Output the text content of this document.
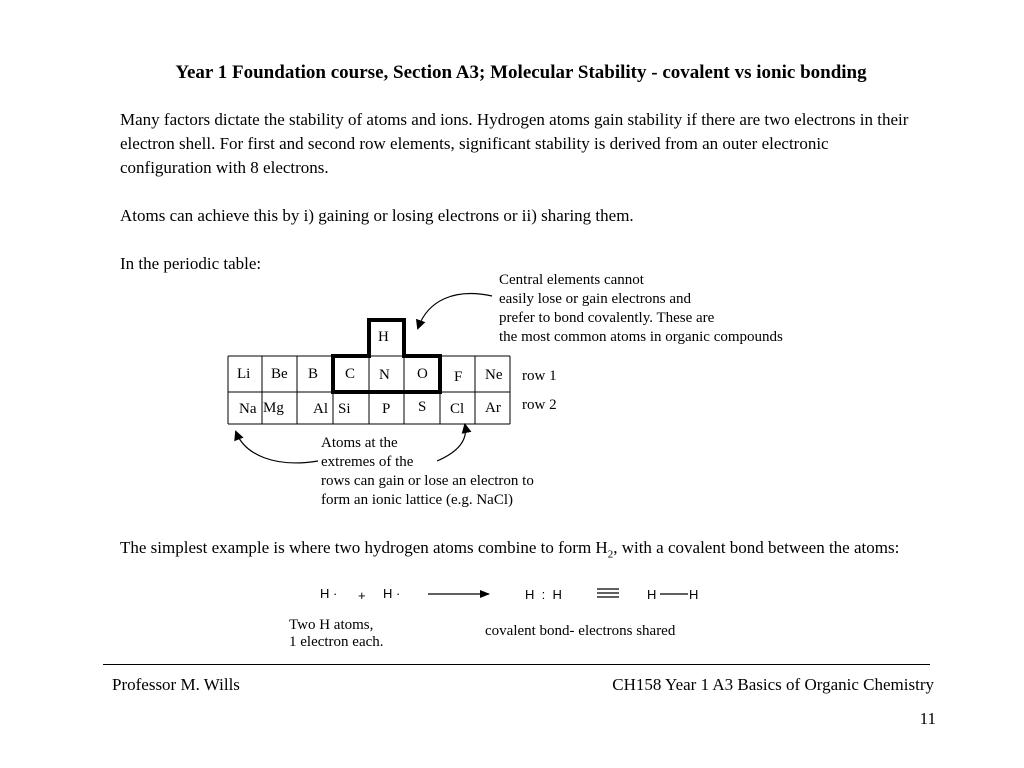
Year 1 Foundation course, Section A3; Molecular Stability - covalent vs ionic bonding
Many factors dictate the stability of atoms and ions. Hydrogen atoms gain stability if there are two electrons in their electron shell. For first and second row elements, significant stability is derived from an outer electronic configuration with 8 electrons.
Atoms can achieve this by i) gaining or losing electrons or ii) sharing them.
In the periodic table:
H
Li Be B C N O F Ne
Na Mg Al Si P S Cl Ar
row 1
row 2
Central elements cannot
easily lose or gain electrons and
prefer to bond covalently. These are
the most common atoms in organic compounds
Atoms at the
extremes of the
rows can gain or lose an electron to
form an ionic lattice (e.g. NaCl)
The simplest example is where two hydrogen atoms combine to form $H_2$, with a covalent bond between the atoms:
H · + H ·	H  :  H	H	H
Two H atoms,
1 electron each.
covalent bond- electrons shared
Professor M. Wills	CH158 Year 1 A3 Basics of Organic Chemistry
11
